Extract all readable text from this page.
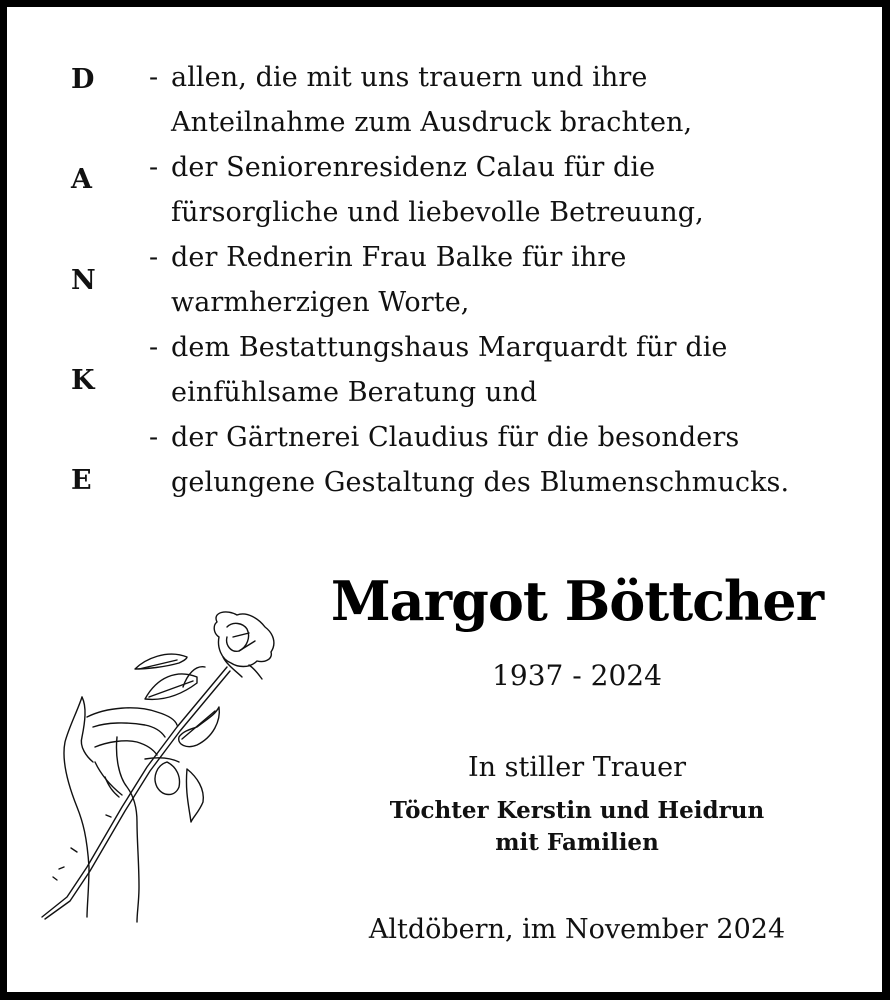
D
A
N
K
E
- allen, die mit uns trauern und ihre
Anteilnahme zum Ausdruck brachten,
- der Seniorenresidenz Calau für die
fürsorgliche und liebevolle Betreuung,
- der Rednerin Frau Balke für ihre
warmherzigen Worte,
- dem Bestattungshaus Marquardt für die
einfühlsame Beratung und
- der Gärtnerei Claudius für die besonders
gelungene Gestaltung des Blumenschmucks.
Margot Böttcher
1937 - 2024
In stiller Trauer
Töchter Kerstin und Heidrun
mit Familien
Altdöbern, im November 2024
